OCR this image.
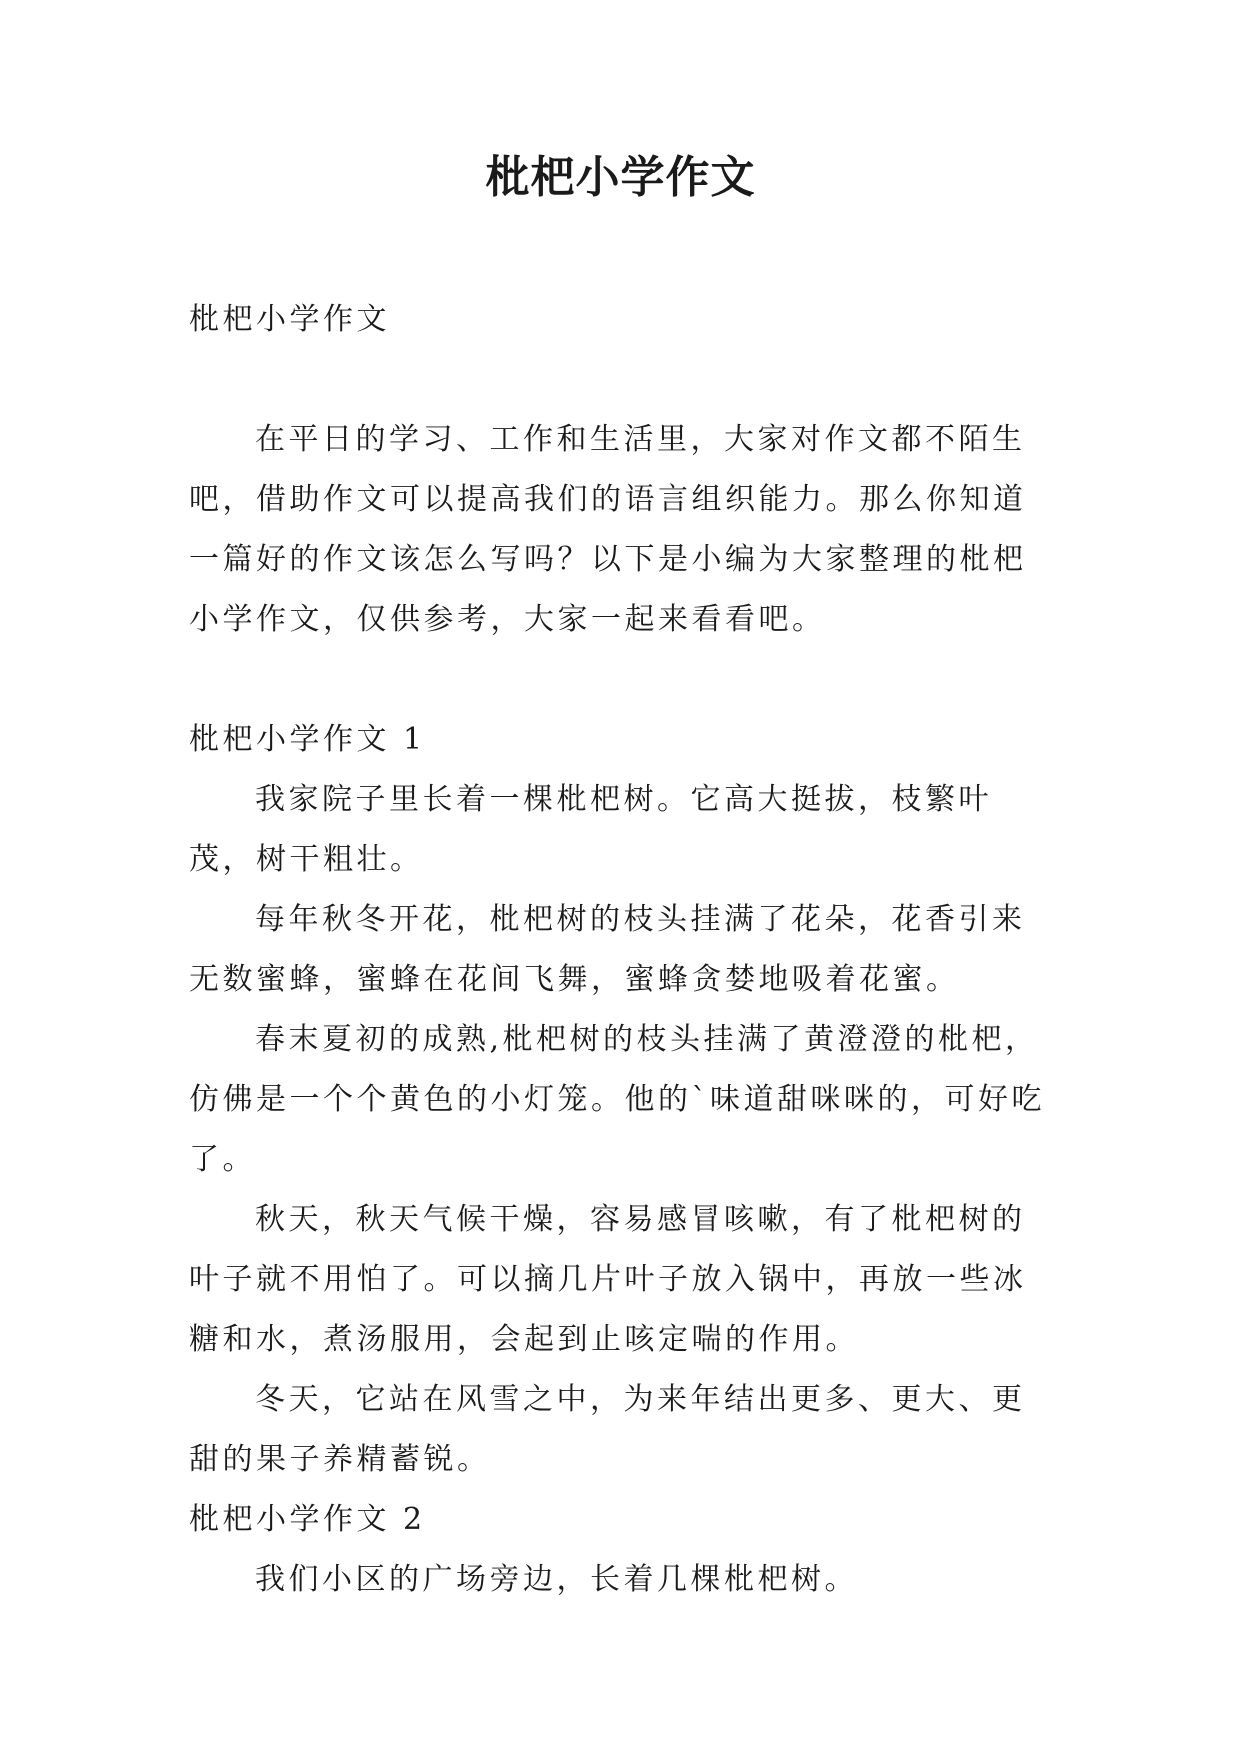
枇杷小学作文

枇杷小学作文

在平日的学习、工作和生活里，大家对作文都不陌生吧，借助作文可以提高我们的语言组织能力。那么你知道一篇好的作文该怎么写吗？以下是小编为大家整理的枇杷小学作文，仅供参考，大家一起来看看吧。

枇杷小学作文 1

我家院子里长着一棵枇杷树。它高大挺拔，枝繁叶茂，树干粗壮。

每年秋冬开花，枇杷树的枝头挂满了花朵，花香引来无数蜜蜂，蜜蜂在花间飞舞，蜜蜂贪婪地吸着花蜜。

春末夏初的成熟,枇杷树的枝头挂满了黄澄澄的枇杷，仿佛是一个个黄色的小灯笼。他的`味道甜咪咪的，可好吃了。

秋天，秋天气候干燥，容易感冒咳嗽，有了枇杷树的叶子就不用怕了。可以摘几片叶子放入锅中，再放一些冰糖和水，煮汤服用，会起到止咳定喘的作用。

冬天，它站在风雪之中，为来年结出更多、更大、更甜的果子养精蓄锐。

枇杷小学作文 2

我们小区的广场旁边，长着几棵枇杷树。
